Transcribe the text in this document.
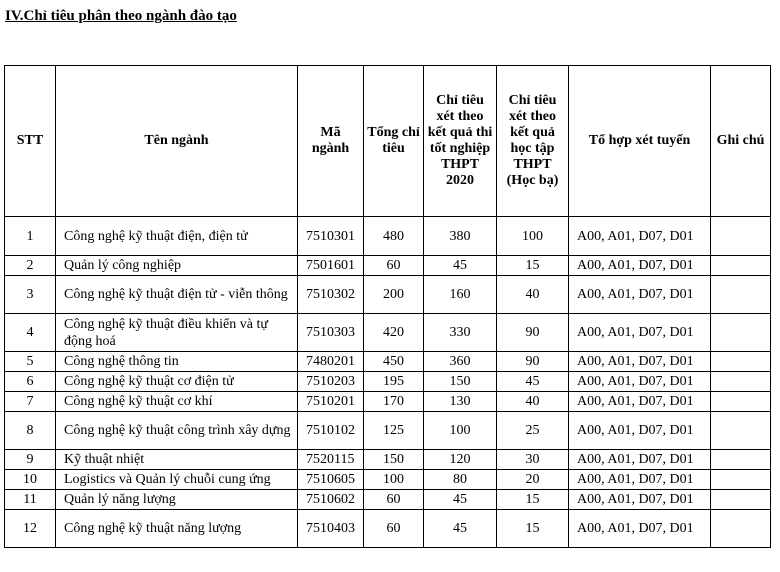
IV.Chỉ tiêu phân theo ngành đào tạo
STT	Tên ngành	Mã ngành	Tổng chỉ tiêu	Chỉ tiêu xét theo kết quả thi tốt nghiệp THPT 2020	Chỉ tiêu xét theo kết quả học tập THPT (Học bạ)	Tổ hợp xét tuyển	Ghi chú
1	Công nghệ kỹ thuật điện, điện tử	7510301	480	380	100	A00, A01, D07, D01	
2	Quản lý công nghiệp	7501601	60	45	15	A00, A01, D07, D01	
3	Công nghệ kỹ thuật điện tử - viễn thông	7510302	200	160	40	A00, A01, D07, D01	
4	Công nghệ kỹ thuật điều khiển và tự động hoá	7510303	420	330	90	A00, A01, D07, D01	
5	Công nghệ thông tin	7480201	450	360	90	A00, A01, D07, D01	
6	Công nghệ kỹ thuật cơ điện tử	7510203	195	150	45	A00, A01, D07, D01	
7	Công nghệ kỹ thuật cơ khí	7510201	170	130	40	A00, A01, D07, D01	
8	Công nghệ kỹ thuật công trình xây dựng	7510102	125	100	25	A00, A01, D07, D01	
9	Kỹ thuật nhiệt	7520115	150	120	30	A00, A01, D07, D01	
10	Logistics và Quản lý chuỗi cung ứng	7510605	100	80	20	A00, A01, D07, D01	
11	Quản lý năng lượng	7510602	60	45	15	A00, A01, D07, D01	
12	Công nghệ kỹ thuật năng lượng	7510403	60	45	15	A00, A01, D07, D01	
